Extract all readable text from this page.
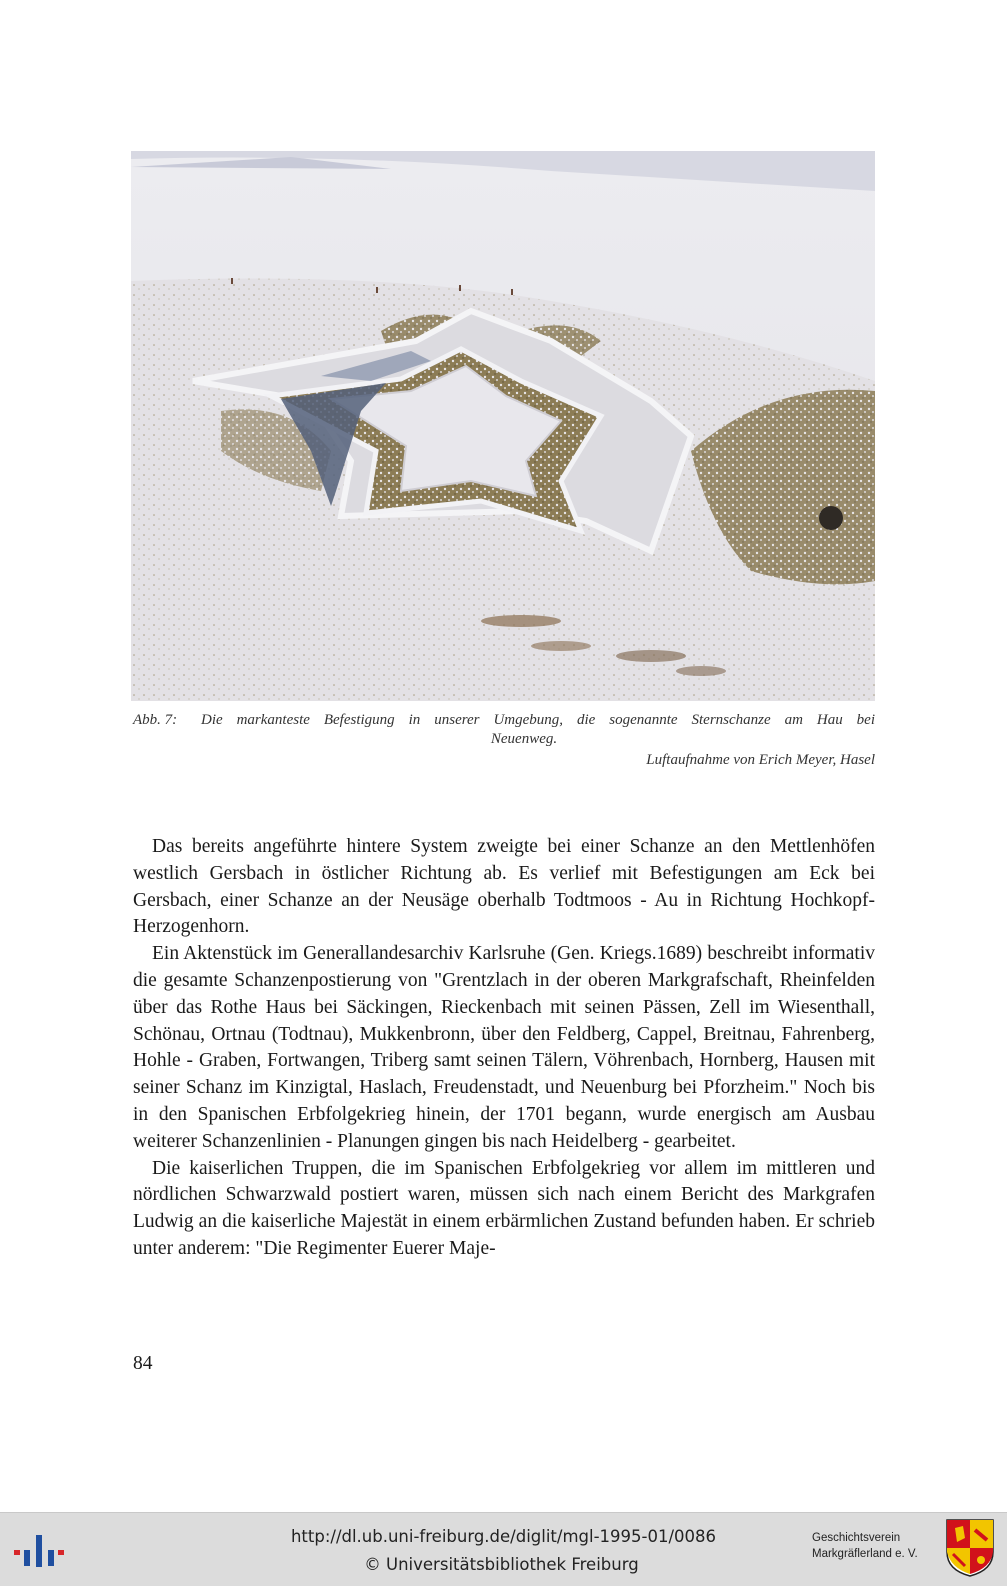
Abb. 7:	Die markanteste Befestigung in unserer Umgebung, die sogenannte Sternschanze am Hau bei
Neuenweg.
Luftaufnahme von Erich Meyer, Hasel

Das bereits angeführte hintere System zweigte bei einer Schanze an den Mettlenhöfen westlich Gersbach in östlicher Richtung ab. Es verlief mit Befestigungen am Eck bei Gersbach, einer Schanze an der Neusäge oberhalb Todtmoos - Au in Richtung Hochkopf-Herzogenhorn.

Ein Aktenstück im Generallandesarchiv Karlsruhe (Gen. Kriegs.1689) beschreibt informativ die gesamte Schanzenpostierung von "Grentzlach in der oberen Markgrafschaft, Rheinfelden über das Rothe Haus bei Säckingen, Rieckenbach mit seinen Pässen, Zell im Wiesenthall, Schönau, Ortnau (Todtnau), Mukkenbronn, über den Feldberg, Cappel, Breitnau, Fahrenberg, Hohle - Graben, Fortwangen, Triberg samt seinen Tälern, Vöhrenbach, Hornberg, Hausen mit seiner Schanz im Kinzigtal, Haslach, Freudenstadt, und Neuenburg bei Pforzheim." Noch bis in den Spanischen Erbfolgekrieg hinein, der 1701 begann, wurde energisch am Ausbau weiterer Schanzenlinien - Planungen gingen bis nach Heidelberg - gearbeitet.

Die kaiserlichen Truppen, die im Spanischen Erbfolgekrieg vor allem im mittleren und nördlichen Schwarzwald postiert waren, müssen sich nach einem Bericht des Markgrafen Ludwig an die kaiserliche Majestät in einem erbärmlichen Zustand befunden haben. Er schrieb unter anderem: "Die Regimenter Euerer Maje-

84
http://dl.ub.uni-freiburg.de/diglit/mgl-1995-01/0086
© Universitätsbibliothek Freiburg
Geschichtsverein
Markgräflerland e. V.
